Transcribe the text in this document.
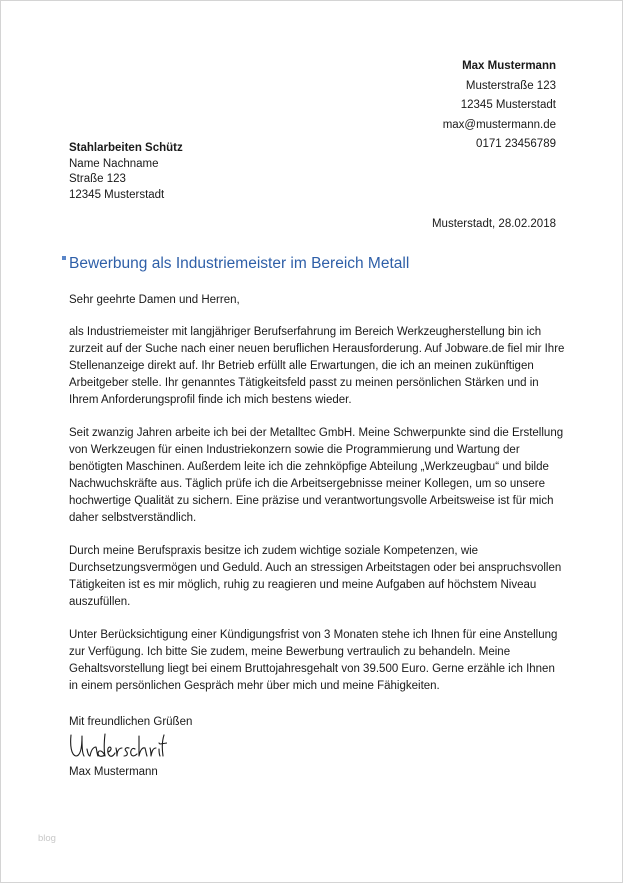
Max Mustermann
Musterstraße 123
12345 Musterstadt
max@mustermann.de
0171 23456789
Stahlarbeiten Schütz
Name Nachname
Straße 123
12345 Musterstadt
Musterstadt, 28.02.2018
Bewerbung als Industriemeister im Bereich Metall

Sehr geehrte Damen und Herren,

als Industriemeister mit langjähriger Berufserfahrung im Bereich Werkzeugherstellung bin ich zurzeit auf der Suche nach einer neuen beruflichen Herausforderung. Auf Jobware.de fiel mir Ihre Stellenanzeige direkt auf. Ihr Betrieb erfüllt alle Erwartungen, die ich an meinen zukünftigen Arbeitgeber stelle. Ihr genanntes Tätigkeitsfeld passt zu meinen persönlichen Stärken und in Ihrem Anforderungsprofil finde ich mich bestens wieder.

Seit zwanzig Jahren arbeite ich bei der Metalltec GmbH. Meine Schwerpunkte sind die Erstellung von Werkzeugen für einen Industriekonzern sowie die Programmierung und Wartung der benötigten Maschinen. Außerdem leite ich die zehnköpfige Abteilung „Werkzeugbau“ und bilde Nachwuchskräfte aus. Täglich prüfe ich die Arbeitsergebnisse meiner Kollegen, um so unsere hochwertige Qualität zu sichern. Eine präzise und verantwortungsvolle Arbeitsweise ist für mich daher selbstverständlich.

Durch meine Berufspraxis besitze ich zudem wichtige soziale Kompetenzen, wie Durchsetzungsvermögen und Geduld. Auch an stressigen Arbeitstagen oder bei anspruchsvollen Tätigkeiten ist es mir möglich, ruhig zu reagieren und meine Aufgaben auf höchstem Niveau auszufüllen.

Unter Berücksichtigung einer Kündigungsfrist von 3 Monaten stehe ich Ihnen für eine Anstellung zur Verfügung. Ich bitte Sie zudem, meine Bewerbung vertraulich zu behandeln. Meine Gehaltsvorstellung liegt bei einem Bruttojahresgehalt von 39.500 Euro. Gerne erzähle ich Ihnen in einem persönlichen Gespräch mehr über mich und meine Fähigkeiten.

Mit freundlichen Grüßen
Max Mustermann
blog
